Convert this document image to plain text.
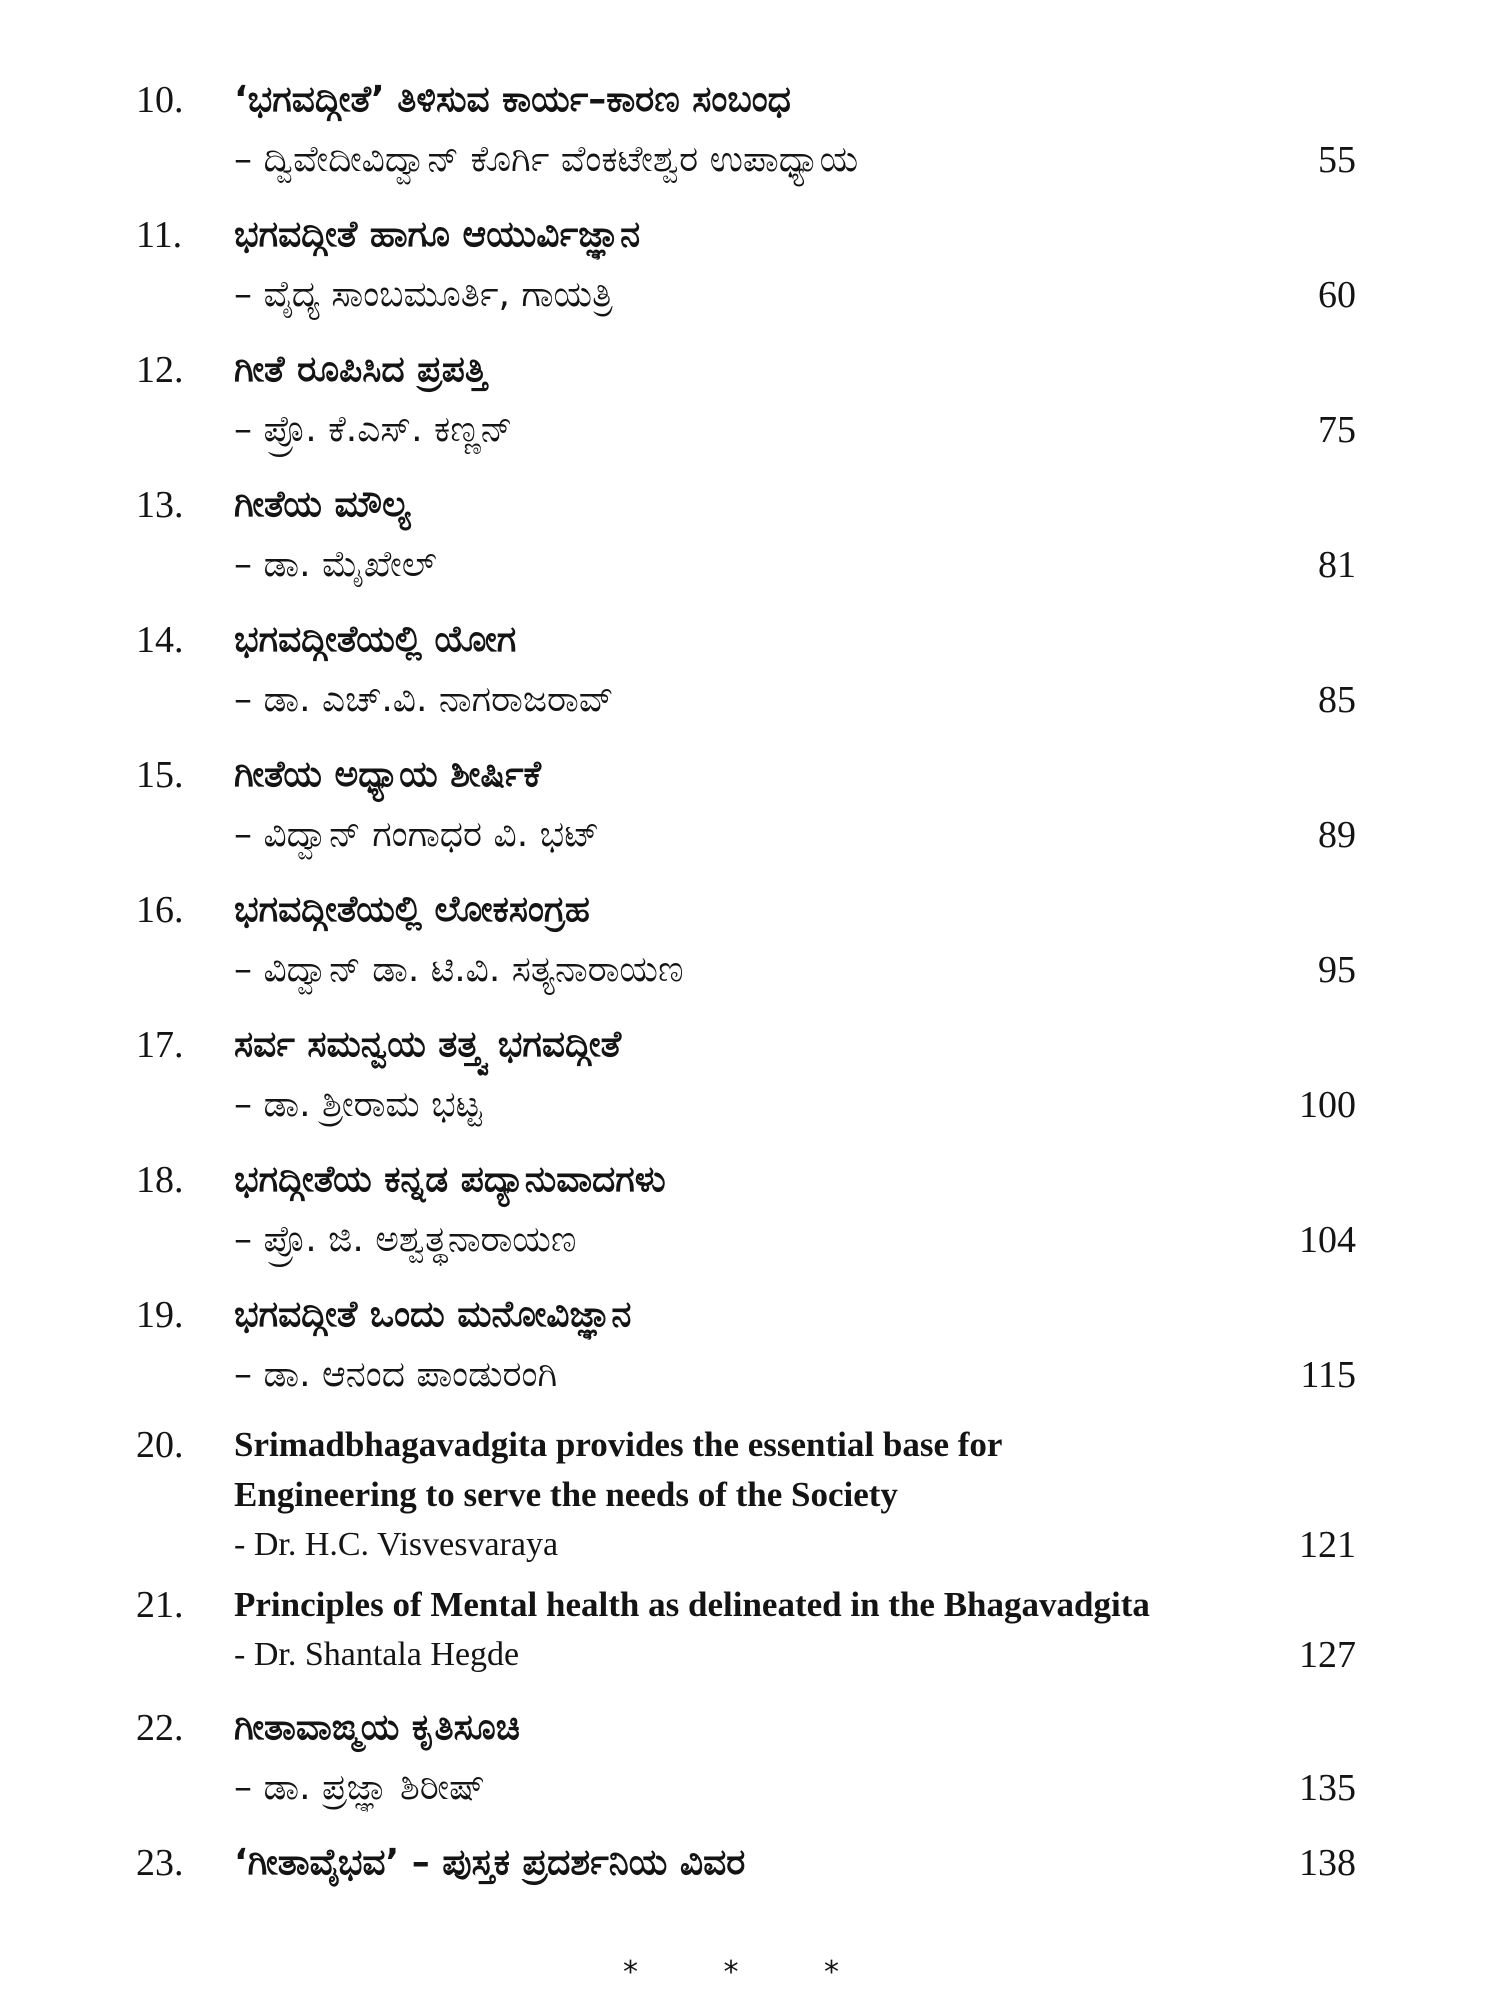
10.	‘ಭಗವದ್ಗೀತೆ’ ತಿಳಿಸುವ ಕಾರ್ಯ–ಕಾರಣ ಸಂಬಂಧ
– ದ್ವಿವೇದೀವಿದ್ವಾನ್ ಕೊರ್ಗಿ ವೆಂಕಟೇಶ್ವರ ಉಪಾಧ್ಯಾಯ	55
11.	ಭಗವದ್ಗೀತೆ ಹಾಗೂ ಆಯುರ್ವಿಜ್ಞಾನ
– ವೈದ್ಯ ಸಾಂಬಮೂರ್ತಿ, ಗಾಯತ್ರಿ	60
12.	ಗೀತೆ ರೂಪಿಸಿದ ಪ್ರಪತ್ತಿ
– ಪ್ರೊ. ಕೆ.ಎಸ್. ಕಣ್ಣನ್	75
13.	ಗೀತೆಯ ಮೌಲ್ಯ
– ಡಾ. ಮೈಖೇಲ್	81
14.	ಭಗವದ್ಗೀತೆಯಲ್ಲಿ ಯೋಗ
– ಡಾ. ಎಚ್.ವಿ. ನಾಗರಾಜರಾವ್	85
15.	ಗೀತೆಯ ಅಧ್ಯಾಯ ಶೀರ್ಷಿಕೆ
– ವಿದ್ವಾನ್ ಗಂಗಾಧರ ವಿ. ಭಟ್	89
16.	ಭಗವದ್ಗೀತೆಯಲ್ಲಿ ಲೋಕಸಂಗ್ರಹ
– ವಿದ್ವಾನ್ ಡಾ. ಟಿ.ವಿ. ಸತ್ಯನಾರಾಯಣ	95
17.	ಸರ್ವ ಸಮನ್ವಯ ತತ್ತ್ವ ಭಗವದ್ಗೀತೆ
– ಡಾ. ಶ್ರೀರಾಮ ಭಟ್ಟ	100
18.	ಭಗದ್ಗೀತೆಯ ಕನ್ನಡ ಪದ್ಯಾನುವಾದಗಳು
– ಪ್ರೊ. ಜಿ. ಅಶ್ವತ್ಥನಾರಾಯಣ	104
19.	ಭಗವದ್ಗೀತೆ ಒಂದು ಮನೋವಿಜ್ಞಾನ
– ಡಾ. ಆನಂದ ಪಾಂಡುರಂಗಿ	115
20.	Srimadbhagavadgita provides the essential base for
Engineering to serve the needs of the Society
- Dr. H.C. Visvesvaraya	121
21.	Principles of Mental health as delineated in the Bhagavadgita
- Dr. Shantala Hegde	127
22.	ಗೀತಾವಾಙ್ಮಯ ಕೃತಿಸೂಚಿ
– ಡಾ. ಪ್ರಜ್ಞಾ ಶಿರೀಷ್	135
23.	‘ಗೀತಾವೈಭವ’ – ಪುಸ್ತಕ ಪ್ರದರ್ಶನಿಯ ವಿವರ	138
* * *
